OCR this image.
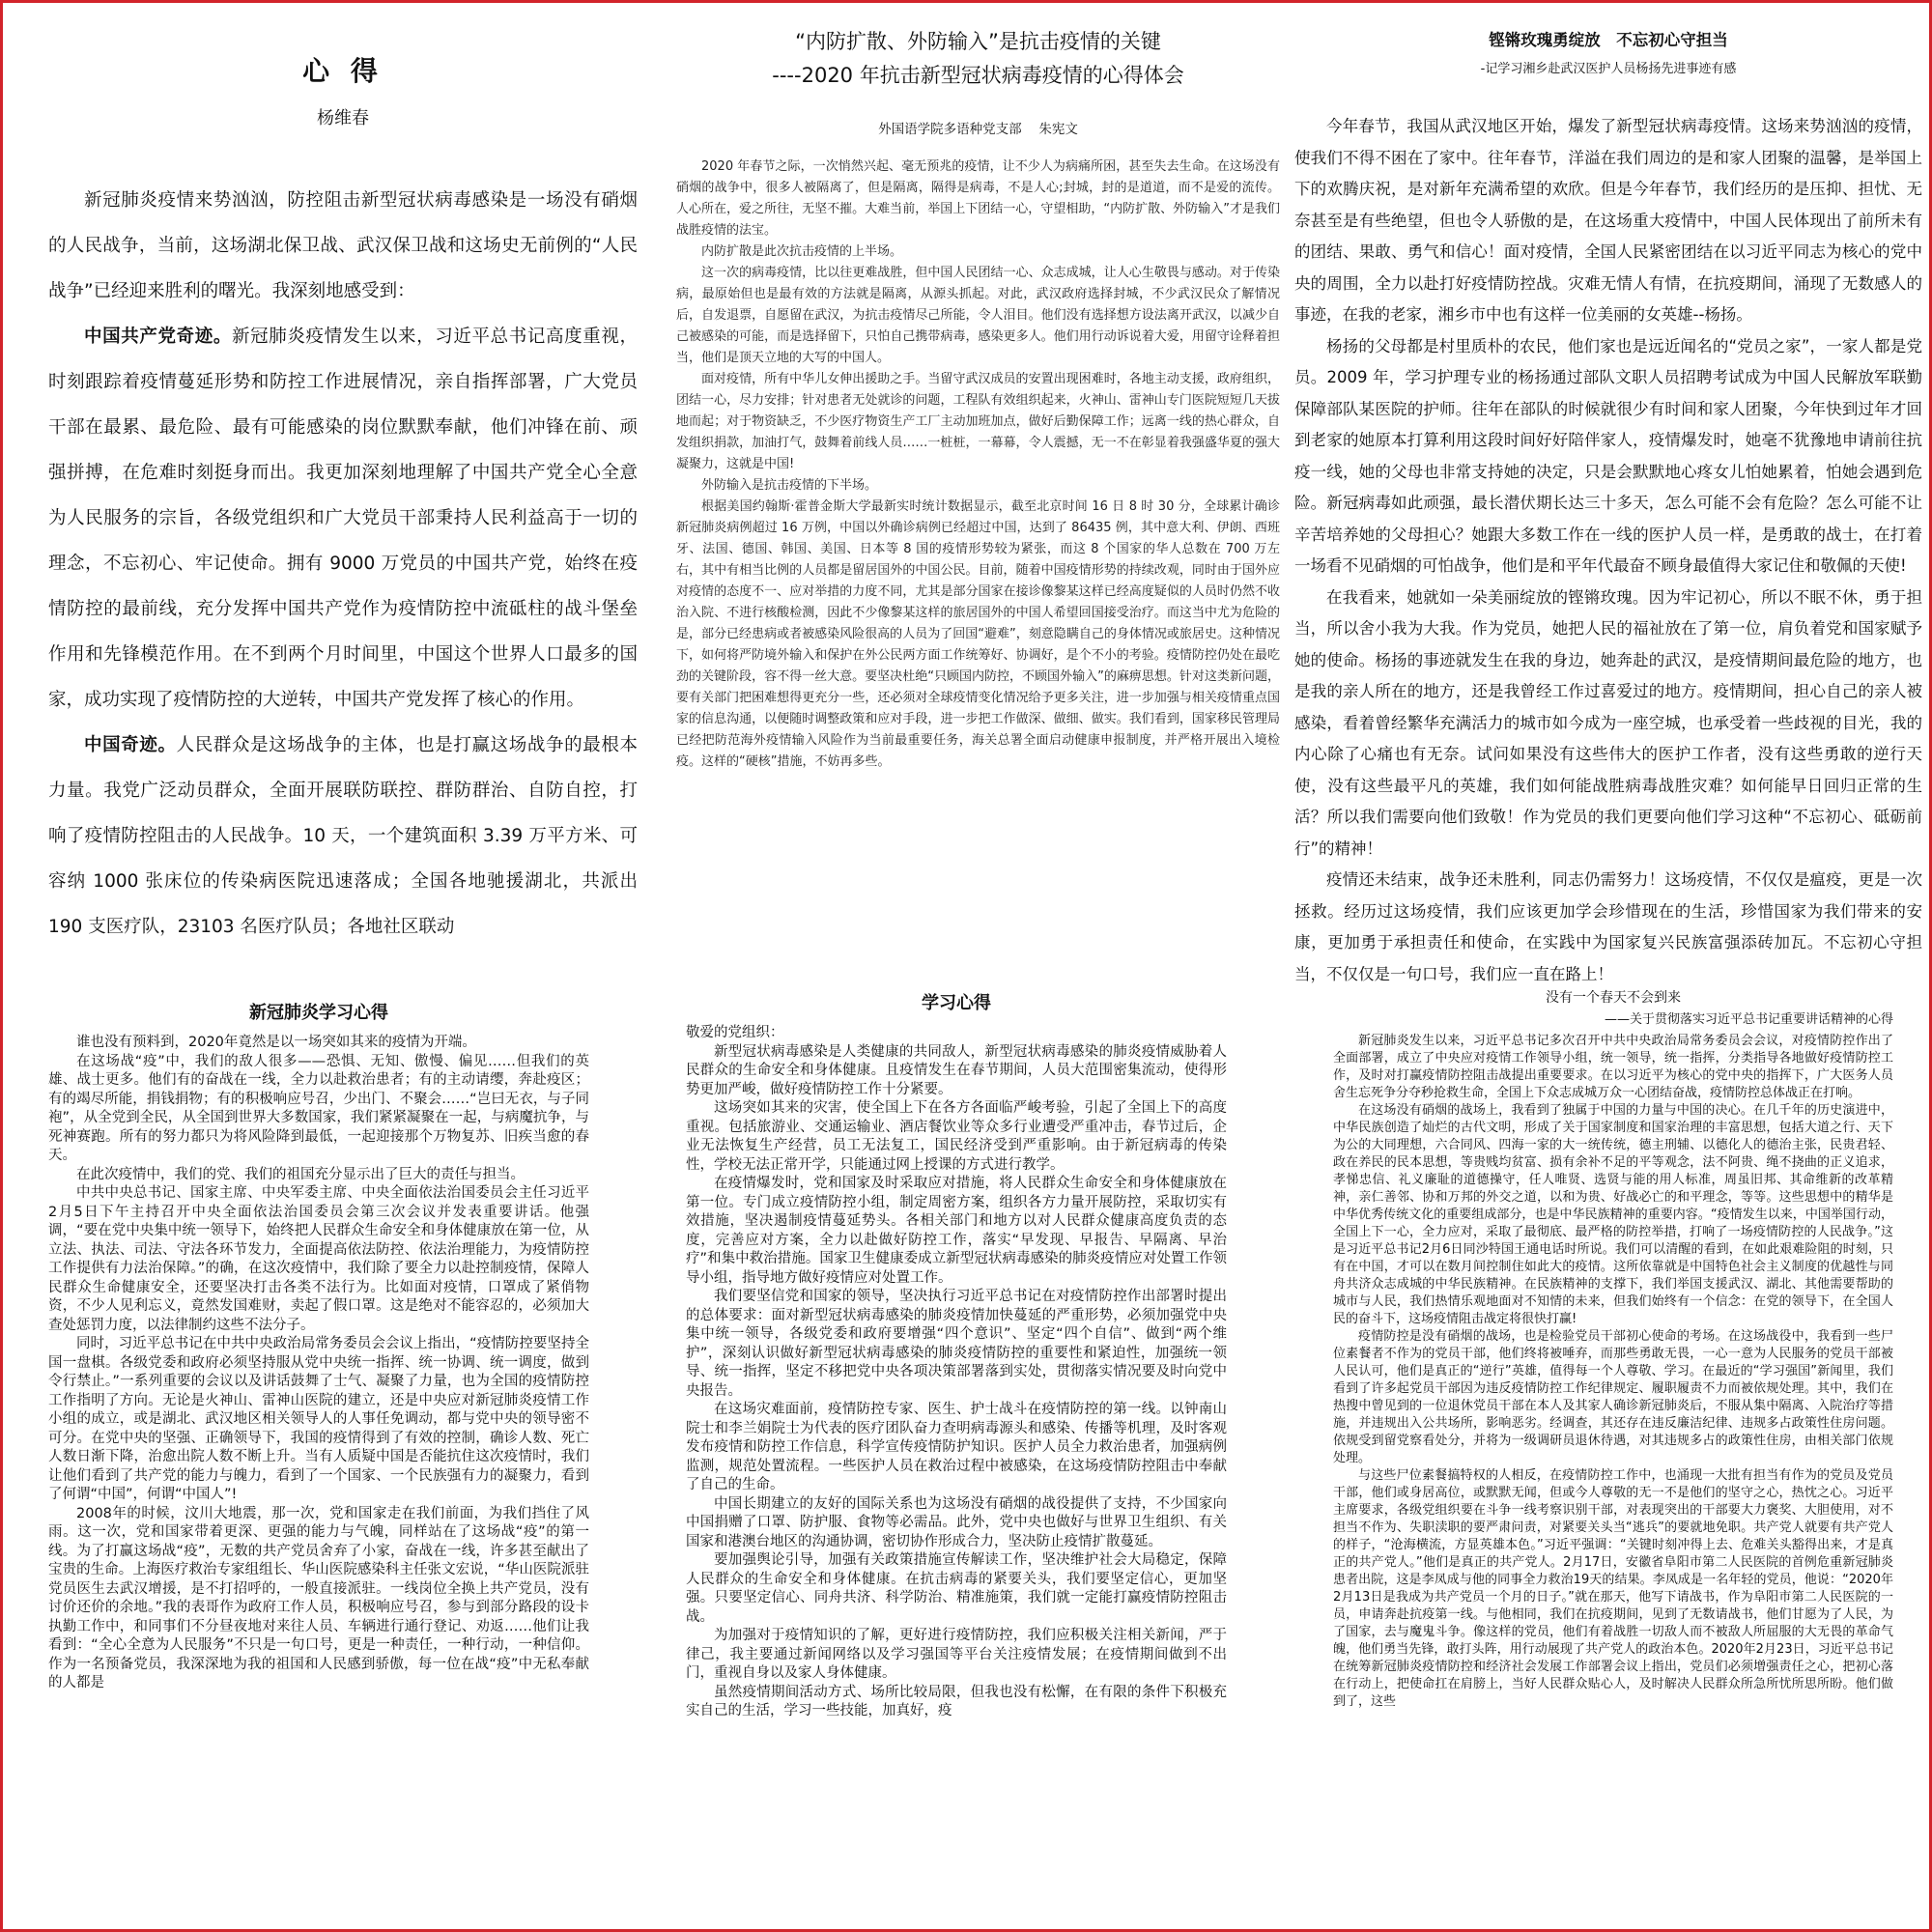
心 得
杨维春

新冠肺炎疫情来势汹汹，防控阻击新型冠状病毒感染是一场没有硝烟的人民战争，当前，这场湖北保卫战、武汉保卫战和这场史无前例的“人民战争”已经迎来胜利的曙光。我深刻地感受到：

中国共产党奇迹。新冠肺炎疫情发生以来，习近平总书记高度重视，时刻跟踪着疫情蔓延形势和防控工作进展情况，亲自指挥部署，广大党员干部在最累、最危险、最有可能感染的岗位默默奉献，他们冲锋在前、顽强拼搏，在危难时刻挺身而出。我更加深刻地理解了中国共产党全心全意为人民服务的宗旨，各级党组织和广大党员干部秉持人民利益高于一切的理念，不忘初心、牢记使命。拥有 9000 万党员的中国共产党，始终在疫情防控的最前线，充分发挥中国共产党作为疫情防控中流砥柱的战斗堡垒作用和先锋模范作用。在不到两个月时间里，中国这个世界人口最多的国家，成功实现了疫情防控的大逆转，中国共产党发挥了核心的作用。

中国奇迹。人民群众是这场战争的主体，也是打赢这场战争的最根本力量。我党广泛动员群众，全面开展联防联控、群防群治、自防自控，打响了疫情防控阻击的人民战争。10 天，一个建筑面积 3.39 万平方米、可容纳 1000 张床位的传染病医院迅速落成；全国各地驰援湖北，共派出 190 支医疗队，23103 名医疗队员；各地社区联动

“内防扩散、外防输入”是抗击疫情的关键
----2020 年抗击新型冠状病毒疫情的心得体会
外国语学院多语种党支部　 朱宪文

2020 年春节之际，一次悄然兴起、毫无预兆的疫情，让不少人为病痛所困，甚至失去生命。在这场没有硝烟的战争中，很多人被隔离了，但是隔离，隔得是病毒，不是人心;封城，封的是道道，而不是爱的流传。人心所在，爱之所往，无坚不摧。大难当前，举国上下团结一心，守望相助，“内防扩散、外防输入”才是我们战胜疫情的法宝。

内防扩散是此次抗击疫情的上半场。

这一次的病毒疫情，比以往更难战胜，但中国人民团结一心、众志成城，让人心生敬畏与感动。对于传染病，最原始但也是最有效的方法就是隔离，从源头抓起。对此，武汉政府选择封城，不少武汉民众了解情况后，自发退票，自愿留在武汉，为抗击疫情尽己所能，令人泪目。他们没有选择想方设法离开武汉，以减少自己被感染的可能，而是选择留下，只怕自己携带病毒，感染更多人。他们用行动诉说着大爱，用留守诠释着担当，他们是顶天立地的大写的中国人。

面对疫情，所有中华儿女伸出援助之手。当留守武汉成员的安置出现困难时，各地主动支援，政府组织，团结一心，尽力安排；针对患者无处就诊的问题，工程队有效组织起来，火神山、雷神山专门医院短短几天拔地而起；对于物资缺乏，不少医疗物资生产工厂主动加班加点，做好后勤保障工作；远离一线的热心群众，自发组织捐款，加油打气，鼓舞着前线人员……一桩桩，一幕幕，令人震撼，无一不在彰显着我强盛华夏的强大凝聚力，这就是中国!

外防输入是抗击疫情的下半场。

根据美国约翰斯·霍普金斯大学最新实时统计数据显示，截至北京时间 16 日 8 时 30 分，全球累计确诊新冠肺炎病例超过 16 万例，中国以外确诊病例已经超过中国，达到了 86435 例，其中意大利、伊朗、西班牙、法国、德国、韩国、美国、日本等 8 国的疫情形势较为紧张，而这 8 个国家的华人总数在 700 万左右，其中有相当比例的人员都是留居国外的中国公民。目前，随着中国疫情形势的持续改观，同时由于国外应对疫情的态度不一、应对举措的力度不同，尤其是部分国家在接诊像黎某这样已经高度疑似的人员时仍然不收治入院、不进行核酸检测，因此不少像黎某这样的旅居国外的中国人希望回国接受治疗。而这当中尤为危险的是，部分已经患病或者被感染风险很高的人员为了回国“避难”，刻意隐瞒自己的身体情况或旅居史。这种情况下，如何将严防境外输入和保护在外公民两方面工作统筹好、协调好，是个不小的考验。疫情防控仍处在最吃劲的关键阶段，容不得一丝大意。要坚决杜绝“只顾国内防控，不顾国外输入”的麻痹思想。针对这类新问题，要有关部门把困难想得更充分一些，还必须对全球疫情变化情况给予更多关注，进一步加强与相关疫情重点国家的信息沟通，以便随时调整政策和应对手段，进一步把工作做深、做细、做实。我们看到，国家移民管理局已经把防范海外疫情输入风险作为当前最重要任务，海关总署全面启动健康申报制度，并严格开展出入境检疫。这样的“硬核”措施，不妨再多些。

铿锵玫瑰勇绽放　不忘初心守担当
-记学习湘乡赴武汉医护人员杨扬先进事迹有感

今年春节，我国从武汉地区开始，爆发了新型冠状病毒疫情。这场来势汹汹的疫情，使我们不得不困在了家中。往年春节，洋溢在我们周边的是和家人团聚的温馨，是举国上下的欢腾庆祝，是对新年充满希望的欢欣。但是今年春节，我们经历的是压抑、担忧、无奈甚至是有些绝望，但也令人骄傲的是，在这场重大疫情中，中国人民体现出了前所未有的团结、果敢、勇气和信心！面对疫情，全国人民紧密团结在以习近平同志为核心的党中央的周围，全力以赴打好疫情防控战。灾难无情人有情，在抗疫期间，涌现了无数感人的事迹，在我的老家，湘乡市中也有这样一位美丽的女英雄--杨扬。

杨扬的父母都是村里质朴的农民，他们家也是远近闻名的“党员之家”，一家人都是党员。2009 年，学习护理专业的杨扬通过部队文职人员招聘考试成为中国人民解放军联勤保障部队某医院的护师。往年在部队的时候就很少有时间和家人团聚，今年快到过年才回到老家的她原本打算利用这段时间好好陪伴家人，疫情爆发时，她毫不犹豫地申请前往抗疫一线，她的父母也非常支持她的决定，只是会默默地心疼女儿怕她累着，怕她会遇到危险。新冠病毒如此顽强，最长潜伏期长达三十多天，怎么可能不会有危险？怎么可能不让辛苦培养她的父母担心？她跟大多数工作在一线的医护人员一样，是勇敢的战士，在打着一场看不见硝烟的可怕战争，他们是和平年代最奋不顾身最值得大家记住和敬佩的天使!

在我看来，她就如一朵美丽绽放的铿锵玫瑰。因为牢记初心，所以不眠不休，勇于担当，所以舍小我为大我。作为党员，她把人民的福祉放在了第一位，肩负着党和国家赋予她的使命。杨扬的事迹就发生在我的身边，她奔赴的武汉，是疫情期间最危险的地方，也是我的亲人所在的地方，还是我曾经工作过喜爱过的地方。疫情期间，担心自己的亲人被感染，看着曾经繁华充满活力的城市如今成为一座空城，也承受着一些歧视的目光，我的内心除了心痛也有无奈。试问如果没有这些伟大的医护工作者，没有这些勇敢的逆行天使，没有这些最平凡的英雄，我们如何能战胜病毒战胜灾难？如何能早日回归正常的生活？所以我们需要向他们致敬！作为党员的我们更要向他们学习这种“不忘初心、砥砺前行”的精神！

疫情还未结束，战争还未胜利，同志仍需努力！这场疫情，不仅仅是瘟疫，更是一次拯救。经历过这场疫情，我们应该更加学会珍惜现在的生活，珍惜国家为我们带来的安康，更加勇于承担责任和使命，在实践中为国家复兴民族富强添砖加瓦。不忘初心守担当，不仅仅是一句口号，我们应一直在路上！

新冠肺炎学习心得

谁也没有预料到，2020年竟然是以一场突如其来的疫情为开端。

在这场战“疫”中，我们的敌人很多——恐惧、无知、傲慢、偏见……但我们的英雄、战士更多。他们有的奋战在一线，全力以赴救治患者；有的主动请缨，奔赴疫区；有的竭尽所能，捐钱捐物；有的积极响应号召，少出门、不聚会……“岂曰无衣，与子同袍”，从全党到全民，从全国到世界大多数国家，我们紧紧凝聚在一起，与病魔抗争，与死神赛跑。所有的努力都只为将风险降到最低，一起迎接那个万物复苏、旧疾当愈的春天。

在此次疫情中，我们的党、我们的祖国充分显示出了巨大的责任与担当。

中共中央总书记、国家主席、中央军委主席、中央全面依法治国委员会主任习近平2月5日下午主持召开中央全面依法治国委员会第三次会议并发表重要讲话。他强调，“要在党中央集中统一领导下，始终把人民群众生命安全和身体健康放在第一位，从立法、执法、司法、守法各环节发力，全面提高依法防控、依法治理能力，为疫情防控工作提供有力法治保障。”的确，在这次疫情中，我们除了要全力以赴控制疫情，保障人民群众生命健康安全，还要坚决打击各类不法行为。比如面对疫情，口罩成了紧俏物资，不少人见利忘义，竟然发国难财，卖起了假口罩。这是绝对不能容忍的，必须加大查处惩罚力度，以法律制约这些不法分子。

同时，习近平总书记在中共中央政治局常务委员会会议上指出，“疫情防控要坚持全国一盘棋。各级党委和政府必须坚持服从党中央统一指挥、统一协调、统一调度，做到令行禁止。”一系列重要的会议以及讲话鼓舞了士气、凝聚了力量，也为全国的疫情防控工作指明了方向。无论是火神山、雷神山医院的建立，还是中央应对新冠肺炎疫情工作小组的成立，或是湖北、武汉地区相关领导人的人事任免调动，都与党中央的领导密不可分。在党中央的坚强、正确领导下，我国的疫情得到了有效的控制，确诊人数、死亡人数日渐下降，治愈出院人数不断上升。当有人质疑中国是否能抗住这次疫情时，我们让他们看到了共产党的能力与魄力，看到了一个国家、一个民族强有力的凝聚力，看到了何谓“中国”，何谓“中国人”!

2008年的时候，汶川大地震，那一次，党和国家走在我们前面，为我们挡住了风雨。这一次，党和国家带着更深、更强的能力与气魄，同样站在了这场战“疫”的第一线。为了打赢这场战“疫”，无数的共产党员舍弃了小家，奋战在一线，许多甚至献出了宝贵的生命。上海医疗救治专家组组长、华山医院感染科主任张文宏说，“华山医院派驻党员医生去武汉增援，是不打招呼的，一般直接派驻。一线岗位全换上共产党员，没有讨价还价的余地。”我的表哥作为政府工作人员，积极响应号召，参与到部分路段的设卡执勤工作中，和同事们不分昼夜地对来往人员、车辆进行通行登记、劝返……他们让我看到：“全心全意为人民服务”不只是一句口号，更是一种责任，一种行动，一种信仰。作为一名预备党员，我深深地为我的祖国和人民感到骄傲，每一位在战“疫”中无私奉献的人都是

学习心得

敬爱的党组织：

新型冠状病毒感染是人类健康的共同敌人，新型冠状病毒感染的肺炎疫情威胁着人民群众的生命安全和身体健康。且疫情发生在春节期间，人员大范围密集流动，使得形势更加严峻，做好疫情防控工作十分紧要。

这场突如其来的灾害，使全国上下在各方各面临严峻考验，引起了全国上下的高度重视。包括旅游业、交通运输业、酒店餐饮业等众多行业遭受严重冲击，春节过后，企业无法恢复生产经营，员工无法复工，国民经济受到严重影响。由于新冠病毒的传染性，学校无法正常开学，只能通过网上授课的方式进行教学。

在疫情爆发时，党和国家及时采取应对措施，将人民群众生命安全和身体健康放在第一位。专门成立疫情防控小组，制定周密方案，组织各方力量开展防控，采取切实有效措施，坚决遏制疫情蔓延势头。各相关部门和地方以对人民群众健康高度负责的态度，完善应对方案，全力以赴做好防控工作，落实“早发现、早报告、早隔离、早治疗”和集中救治措施。国家卫生健康委成立新型冠状病毒感染的肺炎疫情应对处置工作领导小组，指导地方做好疫情应对处置工作。

我们要坚信党和国家的领导，坚决执行习近平总书记在对疫情防控作出部署时提出的总体要求：面对新型冠状病毒感染的肺炎疫情加快蔓延的严重形势，必须加强党中央集中统一领导，各级党委和政府要增强“四个意识”、坚定“四个自信”、做到“两个维护”，深刻认识做好新型冠状病毒感染的肺炎疫情防控的重要性和紧迫性，加强统一领导、统一指挥，坚定不移把党中央各项决策部署落到实处，贯彻落实情况要及时向党中央报告。

在这场灾难面前，疫情防控专家、医生、护士战斗在疫情防控的第一线。以钟南山院士和李兰娟院士为代表的医疗团队奋力查明病毒源头和感染、传播等机理，及时客观发布疫情和防控工作信息，科学宣传疫情防护知识。医护人员全力救治患者，加强病例监测，规范处置流程。一些医护人员在救治过程中被感染，在这场疫情防控阻击中奉献了自己的生命。

中国长期建立的友好的国际关系也为这场没有硝烟的战役提供了支持，不少国家向中国捐赠了口罩、防护服、食物等必需品。此外，党中央也做好与世界卫生组织、有关国家和港澳台地区的沟通协调，密切协作形成合力，坚决防止疫情扩散蔓延。

要加强舆论引导，加强有关政策措施宣传解读工作，坚决维护社会大局稳定，保障人民群众的生命安全和身体健康。在抗击病毒的紧要关头，我们要坚定信心，更加坚强。只要坚定信心、同舟共济、科学防治、精准施策，我们就一定能打赢疫情防控阻击战。

为加强对于疫情知识的了解，更好进行疫情防控，我们应积极关注相关新闻，严于律己，我主要通过新闻网络以及学习强国等平台关注疫情发展；在疫情期间做到不出门，重视自身以及家人身体健康。

虽然疫情期间活动方式、场所比较局限，但我也没有松懈，在有限的条件下积极充实自己的生活，学习一些技能，加真好，疫

没有一个春天不会到来
——关于贯彻落实习近平总书记重要讲话精神的心得

新冠肺炎发生以来，习近平总书记多次召开中共中央政治局常务委员会会议，对疫情防控作出了全面部署，成立了中央应对疫情工作领导小组，统一领导，统一指挥，分类指导各地做好疫情防控工作，及时对打赢疫情防控阻击战提出重要要求。在以习近平为核心的党中央的指挥下，广大医务人员舍生忘死争分夺秒抢救生命，全国上下众志成城万众一心团结奋战，疫情防控总体战正在打响。

在这场没有硝烟的战场上，我看到了独属于中国的力量与中国的决心。在几千年的历史演进中，中华民族创造了灿烂的古代文明，形成了关于国家制度和国家治理的丰富思想，包括大道之行、天下为公的大同理想，六合同风、四海一家的大一统传统，德主刑辅、以德化人的德治主张，民贵君轻、政在养民的民本思想，等贵贱均贫富、损有余补不足的平等观念，法不阿贵、绳不挠曲的正义追求，孝悌忠信、礼义廉耻的道德操守，任人唯贤、选贤与能的用人标准，周虽旧邦、其命维新的改革精神，亲仁善邻、协和万邦的外交之道，以和为贵、好战必亡的和平理念，等等。这些思想中的精华是中华优秀传统文化的重要组成部分，也是中华民族精神的重要内容。“疫情发生以来，中国举国行动，全国上下一心，全力应对，采取了最彻底、最严格的防控举措，打响了一场疫情防控的人民战争。”这是习近平总书记2月6日同沙特国王通电话时所说。我们可以清醒的看到，在如此艰难险阻的时刻，只有在中国，才可以在数月间控制住如此大的疫情。这所依靠就是中国特色社会主义制度的优越性与同舟共济众志成城的中华民族精神。在民族精神的支撑下，我们举国支援武汉、湖北、其他需要帮助的城市与人民，我们热情乐观地面对不知情的未来，但我们始终有一个信念：在党的领导下，在全国人民的奋斗下，这场疫情阻击战定将很快打赢!

疫情防控是没有硝烟的战场，也是检验党员干部初心使命的考场。在这场战役中，我看到一些尸位素餐者不作为的党员干部，他们终将被唾弃，而那些勇敢无畏，一心一意为人民服务的党员干部被人民认可，他们是真正的“逆行”英雄，值得每一个人尊敬、学习。在最近的“学习强国”新闻里，我们看到了许多起党员干部因为违反疫情防控工作纪律规定、履职履责不力而被依规处理。其中，我们在热搜中曾见到的一位退休党员干部在本人及其家人确诊新冠肺炎后，不服从集中隔离、入院治疗等措施，并违规出入公共场所，影响恶劣。经调查，其还存在违反廉洁纪律、违规多占政策性住房问题。依规受到留党察看处分，并将为一级调研员退休待遇，对其违规多占的政策性住房，由相关部门依规处理。

与这些尸位素餐搞特权的人相反，在疫情防控工作中，也涌现一大批有担当有作为的党员及党员干部，他们或身居高位，或默默无闻，但或今人尊敬的无一不是他们的坚守之心，热忱之心。习近平主席要求，各级党组织要在斗争一线考察识别干部，对表现突出的干部要大力褒奖、大胆使用，对不担当不作为、失职渎职的要严肃问责，对紧要关头当“逃兵”的要就地免职。共产党人就要有共产党人的样子，“沧海横流，方显英雄本色。”习近平强调：“关键时刻冲得上去、危难关头豁得出来，才是真正的共产党人。”他们是真正的共产党人。2月17日，安徽省阜阳市第二人民医院的首例危重新冠肺炎患者出院，这是李凤成与他的同事全力救治19天的结果。李凤成是一名年轻的党员，他说：“2020年2月13日是我成为共产党员一个月的日子。”就在那天，他写下请战书，作为阜阳市第二人民医院的一员，申请奔赴抗疫第一线。与他相同，我们在抗疫期间，见到了无数请战书，他们甘愿为了人民，为了国家，去与魔鬼斗争。像这样的党员，他们有着战胜一切敌人而不被敌人所屈服的大无畏的革命气魄，他们勇当先锋，敢打头阵，用行动展现了共产党人的政治本色。2020年2月23日，习近平总书记在统筹新冠肺炎疫情防控和经济社会发展工作部署会议上指出，党员们必须增强责任之心，把初心落在行动上，把使命扛在肩膀上，当好人民群众贴心人，及时解决人民群众所急所忧所思所盼。他们做到了，这些
